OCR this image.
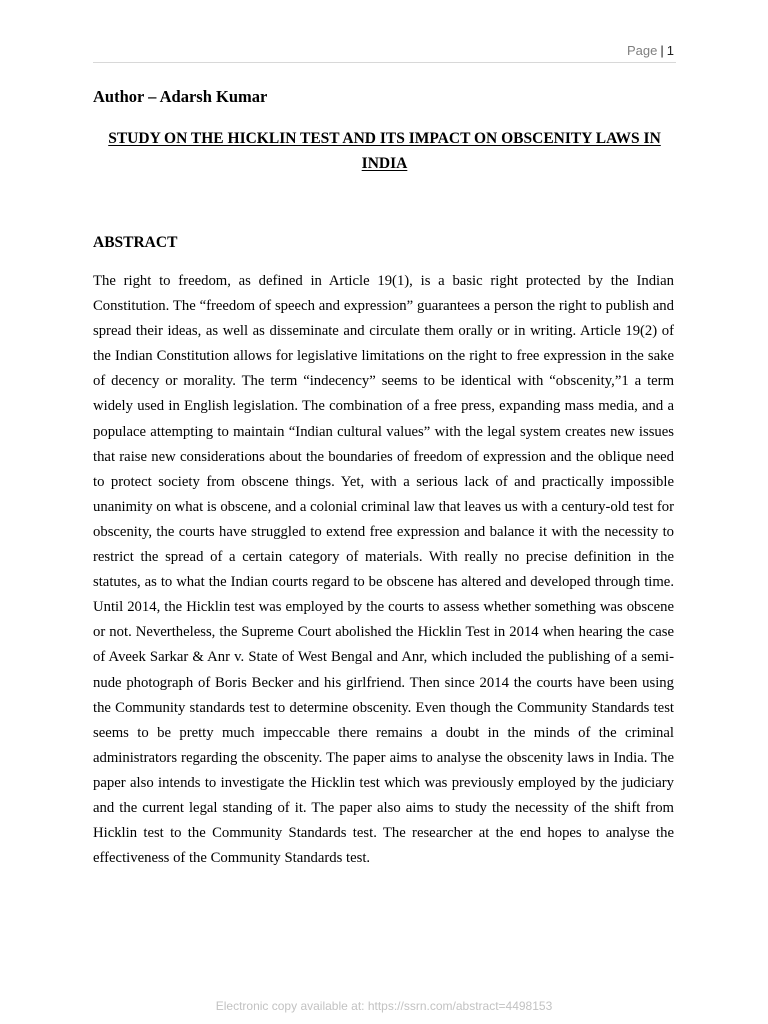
Page | 1
Author – Adarsh Kumar
STUDY ON THE HICKLIN TEST AND ITS IMPACT ON OBSCENITY LAWS IN INDIA
ABSTRACT

The right to freedom, as defined in Article 19(1), is a basic right protected by the Indian Constitution. The “freedom of speech and expression” guarantees a person the right to publish and spread their ideas, as well as disseminate and circulate them orally or in writing. Article 19(2) of the Indian Constitution allows for legislative limitations on the right to free expression in the sake of decency or morality. The term “indecency” seems to be identical with “obscenity,”1 a term widely used in English legislation. The combination of a free press, expanding mass media, and a populace attempting to maintain “Indian cultural values” with the legal system creates new issues that raise new considerations about the boundaries of freedom of expression and the oblique need to protect society from obscene things. Yet, with a serious lack of and practically impossible unanimity on what is obscene, and a colonial criminal law that leaves us with a century-old test for obscenity, the courts have struggled to extend free expression and balance it with the necessity to restrict the spread of a certain category of materials. With really no precise definition in the statutes, as to what the Indian courts regard to be obscene has altered and developed through time. Until 2014, the Hicklin test was employed by the courts to assess whether something was obscene or not. Nevertheless, the Supreme Court abolished the Hicklin Test in 2014 when hearing the case of Aveek Sarkar & Anr v. State of West Bengal and Anr, which included the publishing of a semi-nude photograph of Boris Becker and his girlfriend. Then since 2014 the courts have been using the Community standards test to determine obscenity. Even though the Community Standards test seems to be pretty much impeccable there remains a doubt in the minds of the criminal administrators regarding the obscenity. The paper aims to analyse the obscenity laws in India. The paper also intends to investigate the Hicklin test which was previously employed by the judiciary and the current legal standing of it. The paper also aims to study the necessity of the shift from Hicklin test to the Community Standards test. The researcher at the end hopes to analyse the effectiveness of the Community Standards test.

Electronic copy available at: https://ssrn.com/abstract=4498153
